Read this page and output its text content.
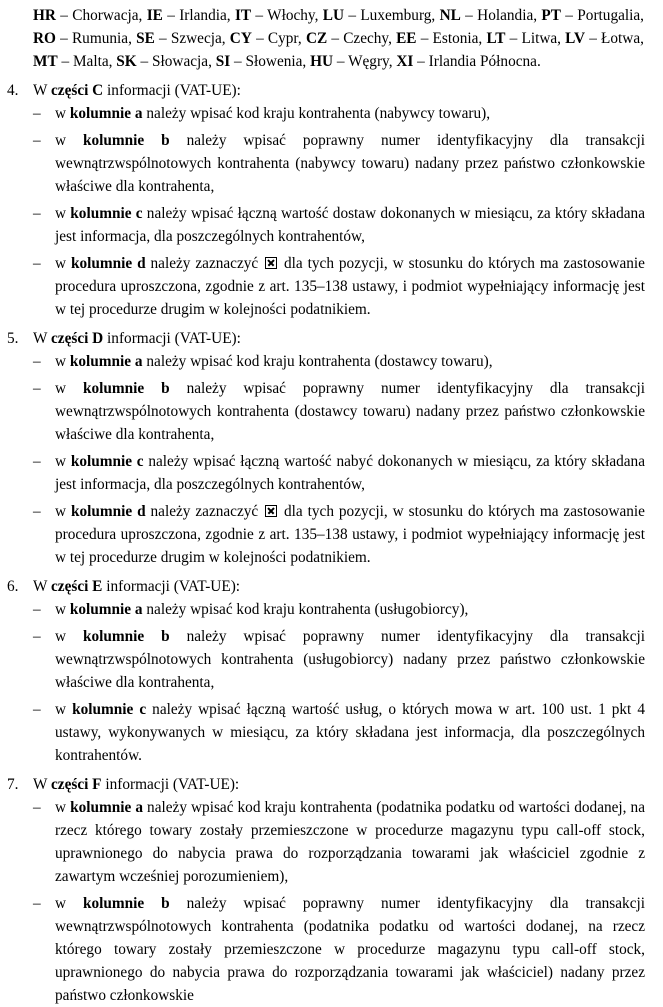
HR – Chorwacja, IE – Irlandia, IT – Włochy, LU – Luxemburg, NL – Holandia, PT – Portugalia, RO – Rumunia, SE – Szwecja, CY – Cypr, CZ – Czechy, EE – Estonia, LT – Litwa, LV – Łotwa, MT – Malta, SK – Słowacja, SI – Słowenia, HU – Węgry, XI – Irlandia Północna.

4. W części C informacji (VAT-UE):
– w kolumnie a należy wpisać kod kraju kontrahenta (nabywcy towaru),
– w kolumnie b należy wpisać poprawny numer identyfikacyjny dla transakcji wewnątrzwspólnotowych kontrahenta (nabywcy towaru) nadany przez państwo członkowskie właściwe dla kontrahenta,
– w kolumnie c należy wpisać łączną wartość dostaw dokonanych w miesiącu, za który składana jest informacja, dla poszczególnych kontrahentów,
– w kolumnie d należy zaznaczyć  dla tych pozycji, w stosunku do których ma zastosowanie procedura uproszczona, zgodnie z art. 135–138 ustawy, i podmiot wypełniający informację jest w tej procedurze drugim w kolejności podatnikiem.
5. W części D informacji (VAT-UE):
– w kolumnie a należy wpisać kod kraju kontrahenta (dostawcy towaru),
– w kolumnie b należy wpisać poprawny numer identyfikacyjny dla transakcji wewnątrzwspólnotowych kontrahenta (dostawcy towaru) nadany przez państwo członkowskie właściwe dla kontrahenta,
– w kolumnie c należy wpisać łączną wartość nabyć dokonanych w miesiącu, za który składana jest informacja, dla poszczególnych kontrahentów,
– w kolumnie d należy zaznaczyć  dla tych pozycji, w stosunku do których ma zastosowanie procedura uproszczona, zgodnie z art. 135–138 ustawy, i podmiot wypełniający informację jest w tej procedurze drugim w kolejności podatnikiem.
6. W części E informacji (VAT-UE):
– w kolumnie a należy wpisać kod kraju kontrahenta (usługobiorcy),
– w kolumnie b należy wpisać poprawny numer identyfikacyjny dla transakcji wewnątrzwspólnotowych kontrahenta (usługobiorcy) nadany przez państwo członkowskie właściwe dla kontrahenta,
– w kolumnie c należy wpisać łączną wartość usług, o których mowa w art. 100 ust. 1 pkt 4 ustawy, wykonywanych w miesiącu, za który składana jest informacja, dla poszczególnych kontrahentów.
7. W części F informacji (VAT-UE):
– w kolumnie a należy wpisać kod kraju kontrahenta (podatnika podatku od wartości dodanej, na rzecz którego towary zostały przemieszczone w procedurze magazynu typu call-off stock, uprawnionego do nabycia prawa do rozporządzania towarami jak właściciel zgodnie z zawartym wcześniej porozumieniem),
– w kolumnie b należy wpisać poprawny numer identyfikacyjny dla transakcji wewnątrzwspólnotowych kontrahenta (podatnika podatku od wartości dodanej, na rzecz którego towary zostały przemieszczone w procedurze magazynu typu call-off stock, uprawnionego do nabycia prawa do rozporządzania towarami jak właściciel) nadany przez państwo członkowskie
